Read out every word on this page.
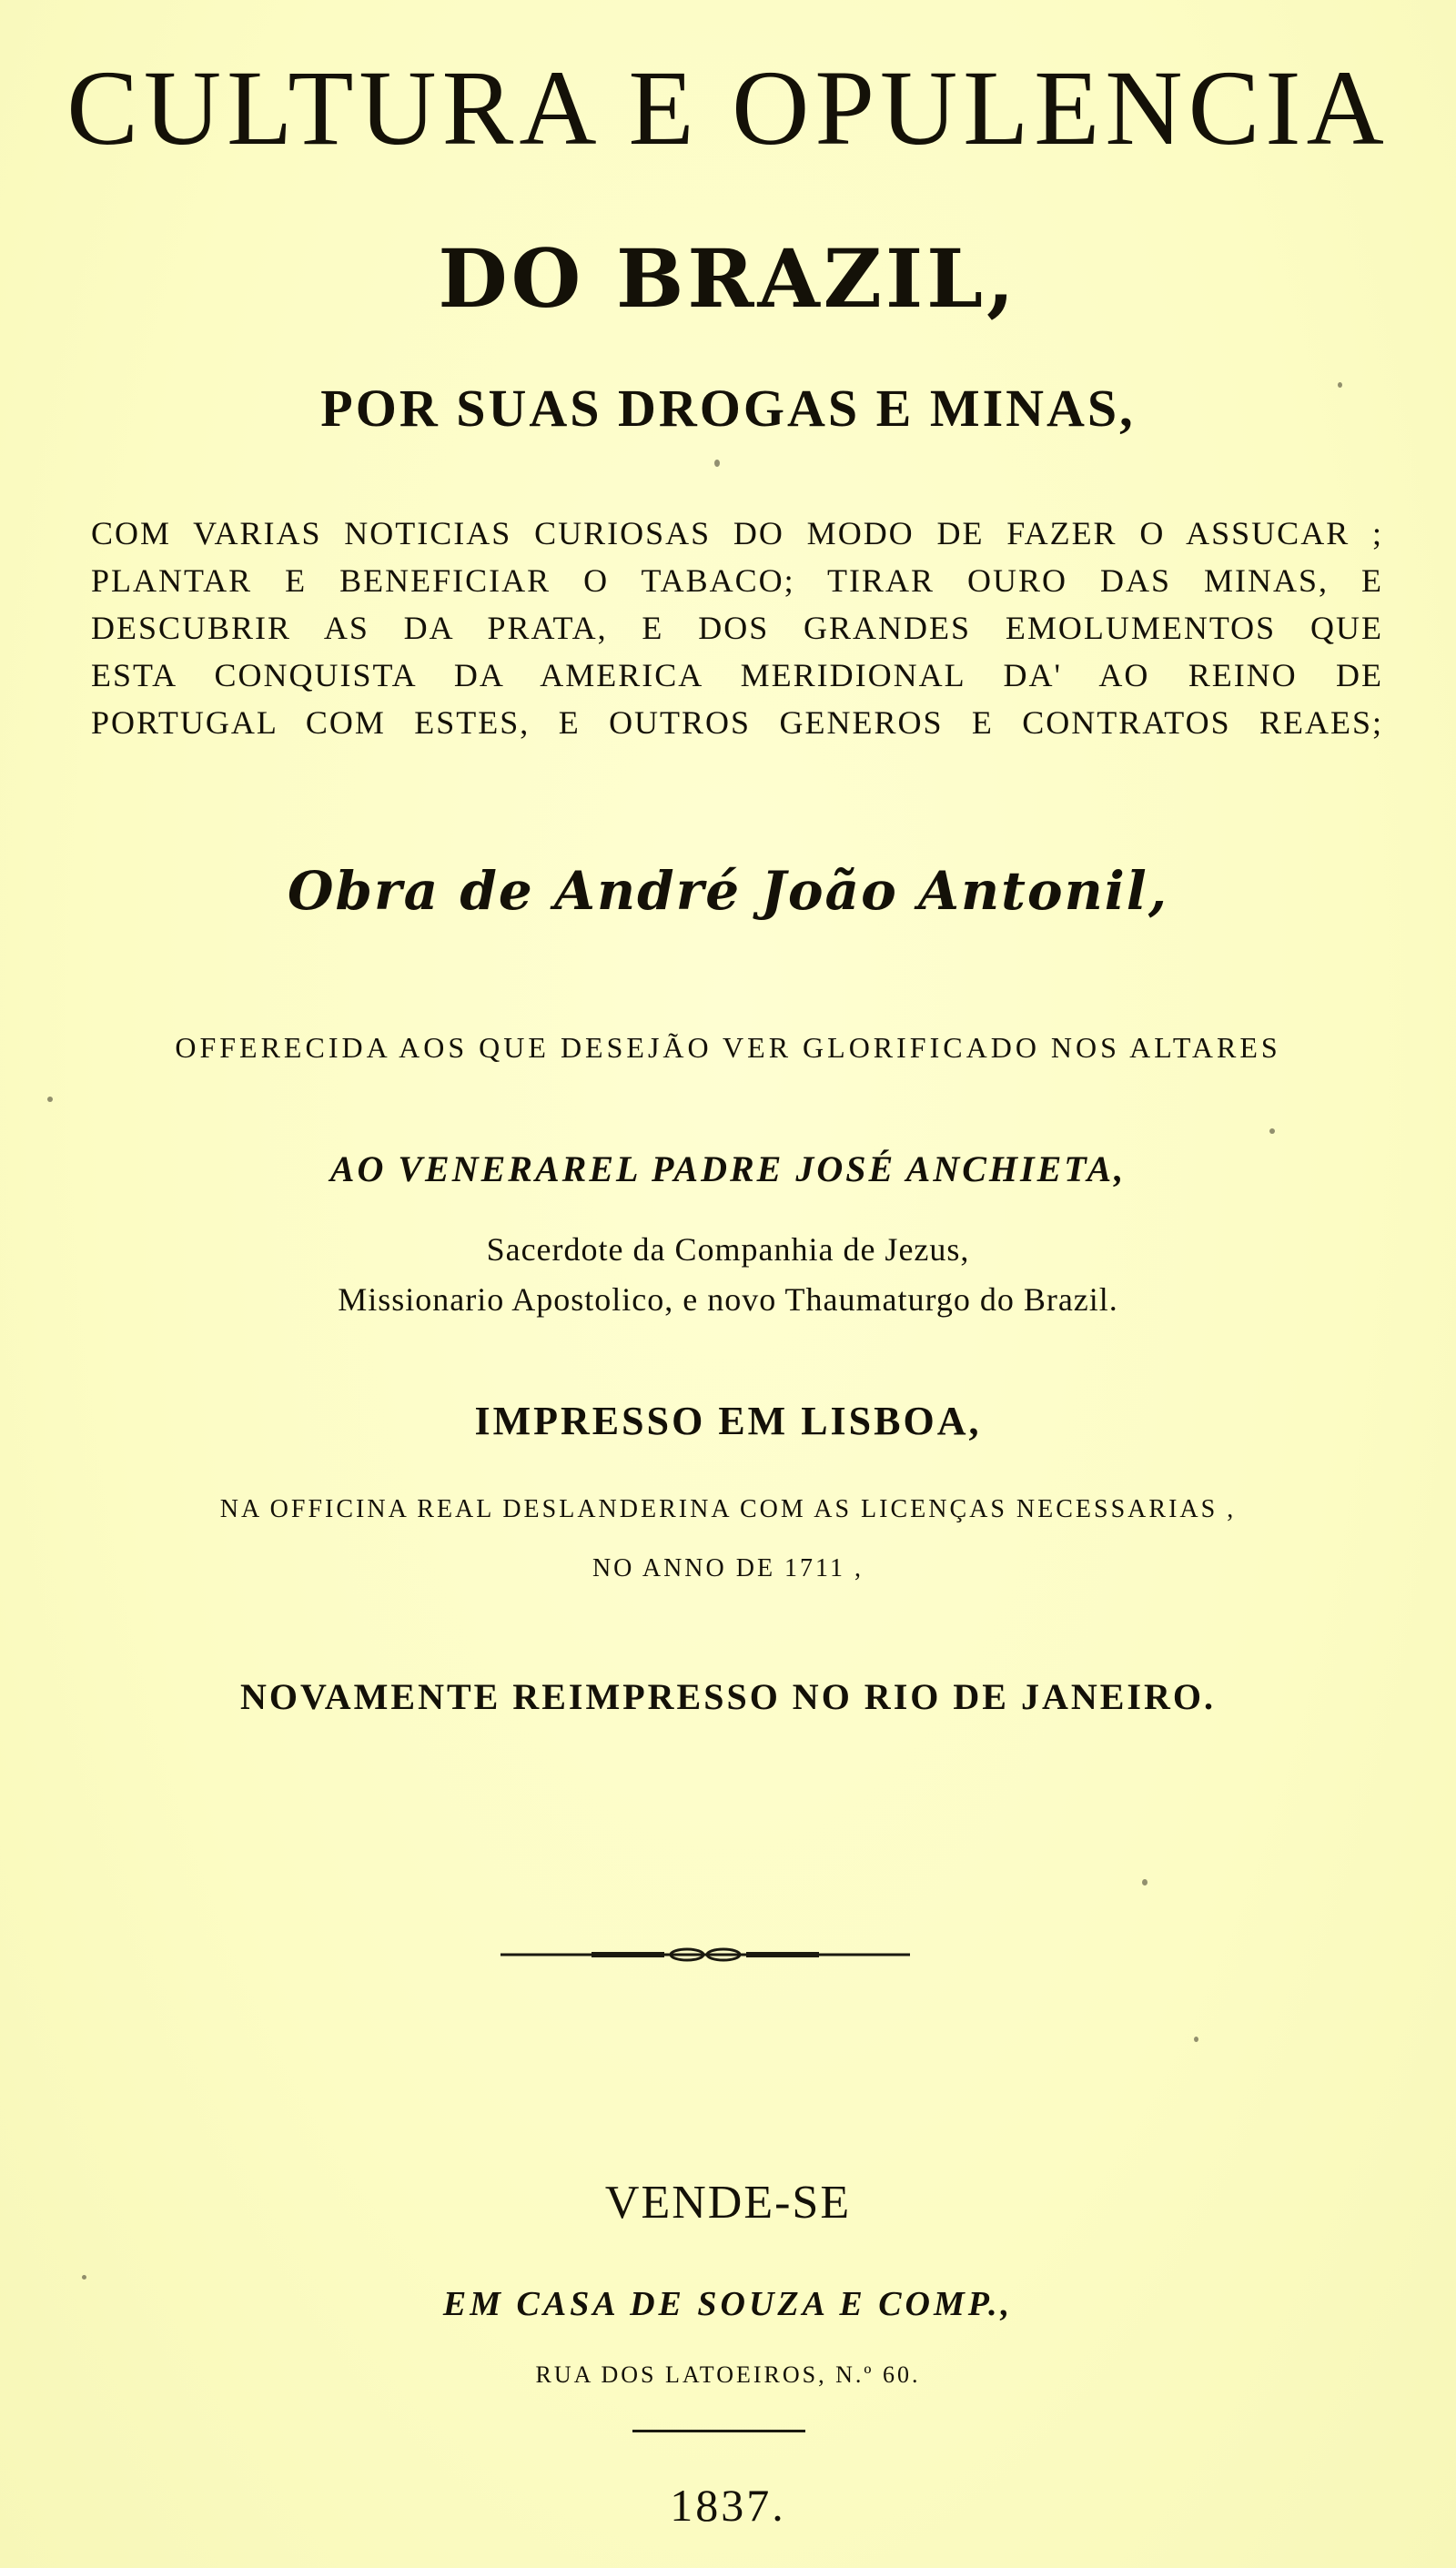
CULTURA E OPULENCIA
DO BRAZIL,
POR SUAS DROGAS E MINAS,
COM VARIAS NOTICIAS CURIOSAS DO MODO DE FAZER O ASSUCAR ;
PLANTAR E BENEFICIAR O TABACO; TIRAR OURO DAS MINAS, E
DESCUBRIR AS DA PRATA, E DOS GRANDES EMOLUMENTOS QUE
ESTA CONQUISTA DA AMERICA MERIDIONAL DA' AO REINO DE
PORTUGAL COM ESTES, E OUTROS GENEROS E CONTRATOS REAES;
Obra de André João Antonil,
OFFERECIDA AOS QUE DESEJÃO VER GLORIFICADO NOS ALTARES
AO VENERAREL PADRE JOSÉ ANCHIETA,
Sacerdote da Companhia de Jezus,
Missionario Apostolico, e novo Thaumaturgo do Brazil.
IMPRESSO EM LISBOA,
NA OFFICINA REAL DESLANDERINA COM AS LICENÇAS NECESSARIAS ,
NO ANNO DE 1711 ,
NOVAMENTE REIMPRESSO NO RIO DE JANEIRO.
VENDE-SE
EM CASA DE SOUZA E COMP.,
RUA DOS LATOEIROS, N.º 60.
1837.
